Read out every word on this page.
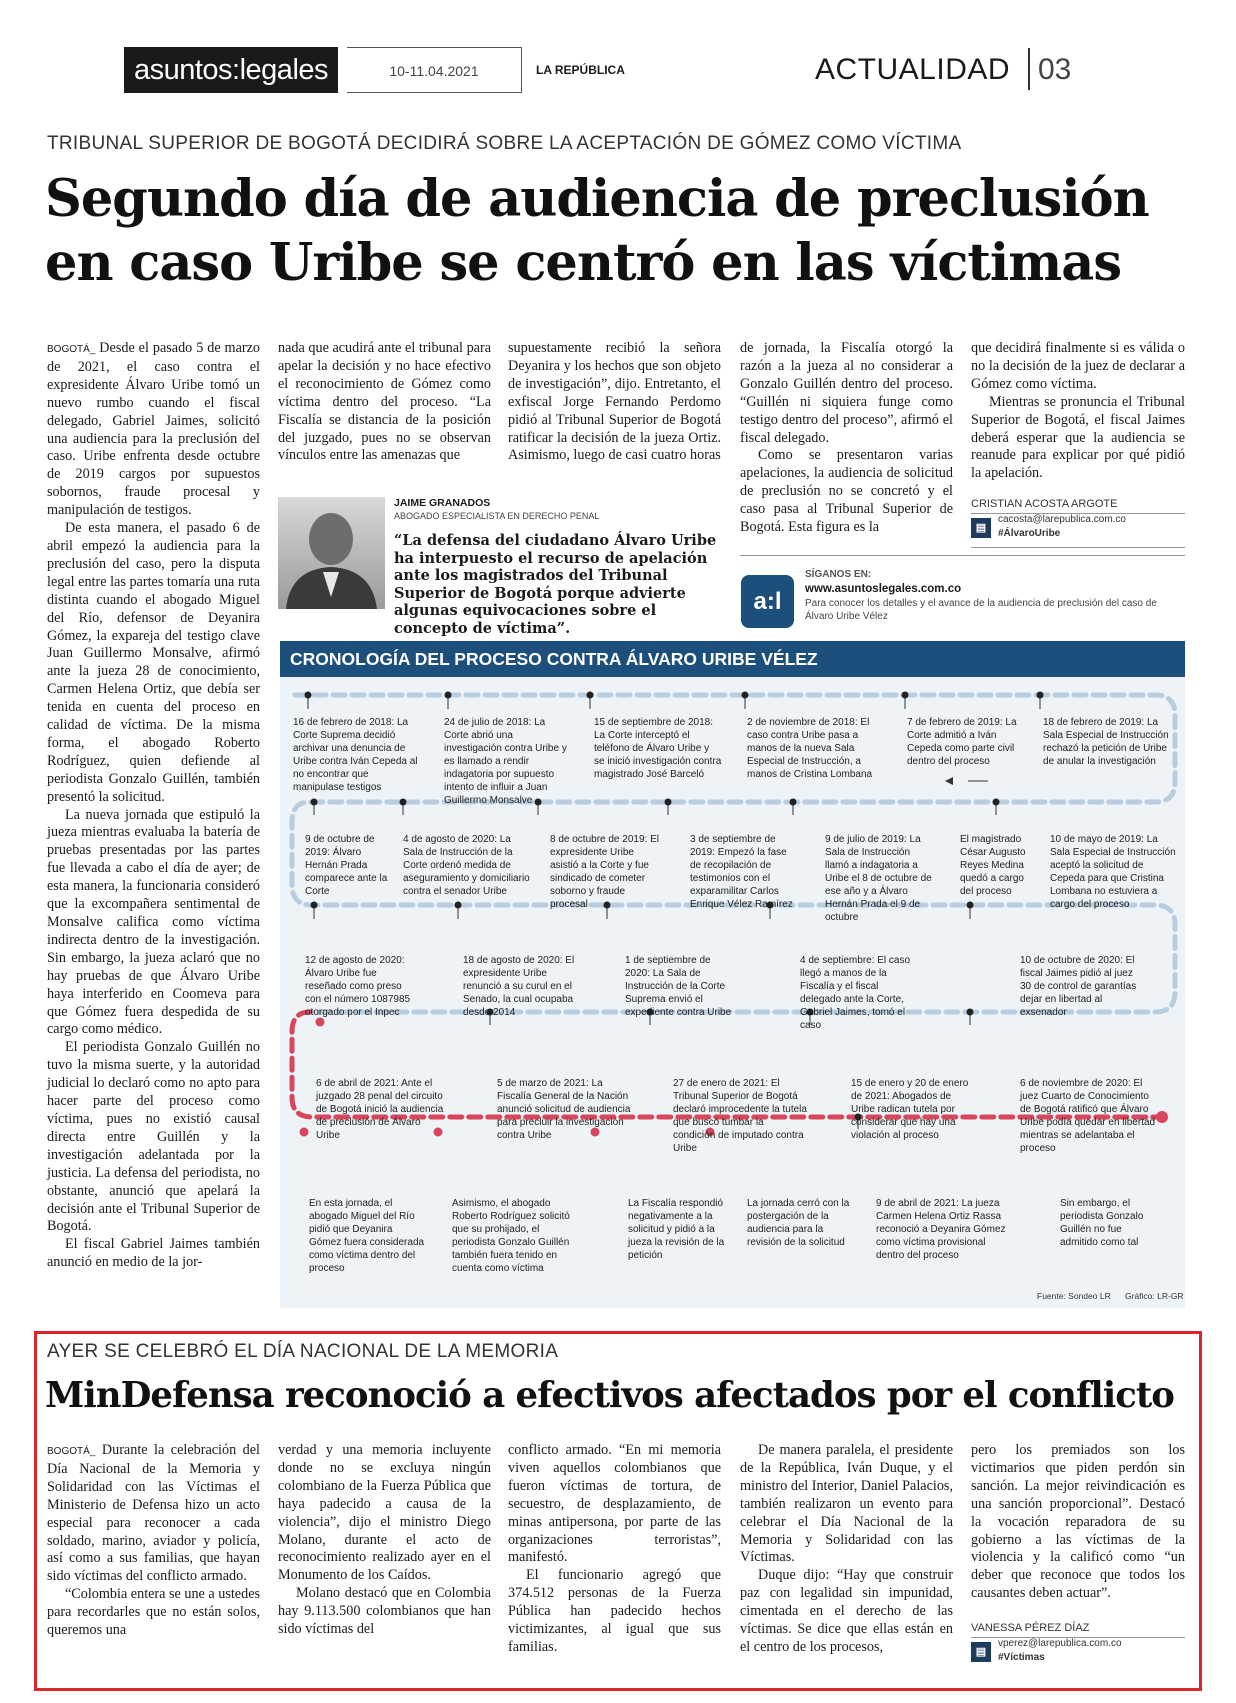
asuntos:legales	10-11.04.2021	LA REPÚBLICA	ACTUALIDAD 03
TRIBUNAL SUPERIOR DE BOGOTÁ DECIDIRÁ SOBRE LA ACEPTACIÓN DE GÓMEZ COMO VÍCTIMA
Segundo día de audiencia de preclusión
en caso Uribe se centró en las víctimas

BOGOTÁ_ Desde el pasado 5 de marzo de 2021, el caso contra el expresidente Álvaro Uribe tomó un nuevo rumbo cuando el fiscal delegado, Gabriel Jaimes, solicitó una audiencia para la preclusión del caso. Uribe enfrenta desde octubre de 2019 cargos por supuestos sobornos, fraude procesal y manipulación de testigos.

De esta manera, el pasado 6 de abril empezó la audiencia para la preclusión del caso, pero la disputa legal entre las partes tomaría una ruta distinta cuando el abogado Miguel del Río, defensor de Deyanira Gómez, la expareja del testigo clave Juan Guillermo Monsalve, afirmó ante la jueza 28 de conocimiento, Carmen Helena Ortiz, que debía ser tenida en cuenta del proceso en calidad de víctima. De la misma forma, el abogado Roberto Rodríguez, quien defiende al periodista Gonzalo Guillén, también presentó la solicitud.

La nueva jornada que estipuló la jueza mientras evaluaba la batería de pruebas presentadas por las partes fue llevada a cabo el día de ayer; de esta manera, la funcionaria consideró que la excompañera sentimental de Monsalve califica como víctima indirecta dentro de la investigación. Sin embargo, la jueza aclaró que no hay pruebas de que Álvaro Uribe haya interferido en Coomeva para que Gómez fuera despedida de su cargo como médico.

El periodista Gonzalo Guillén no tuvo la misma suerte, y la autoridad judicial lo declaró como no apto para hacer parte del proceso como víctima, pues no existió causal directa entre Guillén y la investigación adelantada por la justicia. La defensa del periodista, no obstante, anunció que apelará la decisión ante el Tribunal Superior de Bogotá.

El fiscal Gabriel Jaimes también anunció en medio de la jor-

nada que acudirá ante el tribunal para apelar la decisión y no hace efectivo el reconocimiento de Gómez como víctima dentro del proceso. “La Fiscalía se distancia de la posición del juzgado, pues no se observan vínculos entre las amenazas que

supuestamente recibió la señora Deyanira y los hechos que son objeto de investigación”, dijo. Entretanto, el exfiscal Jorge Fernando Perdomo pidió al Tribunal Superior de Bogotá ratificar la decisión de la jueza Ortiz. Asimismo, luego de casi cuatro horas

de jornada, la Fiscalía otorgó la razón a la jueza al no considerar a Gonzalo Guillén dentro del proceso. “Guillén ni siquiera funge como testigo dentro del proceso”, afirmó el fiscal delegado.

Como se presentaron varias apelaciones, la audiencia de solicitud de preclusión no se concretó y el caso pasa al Tribunal Superior de Bogotá. Esta figura es la

que decidirá finalmente si es válida o no la decisión de la juez de declarar a Gómez como víctima.

Mientras se pronuncia el Tribunal Superior de Bogotá, el fiscal Jaimes deberá esperar que la audiencia se reanude para explicar por qué pidió la apelación.

CRISTIAN ACOSTA ARGOTE
▤
cacosta@larepublica.com.co
#ÁlvaroUribe
JAIME GRANADOS
ABOGADO ESPECIALISTA EN DERECHO PENAL
“La defensa del ciudadano Álvaro Uribe ha interpuesto el recurso de apelación ante los magistrados del Tribunal Superior de Bogotá porque advierte algunas equivocaciones sobre el concepto de víctima”.
a:l
SÍGANOS EN:
www.asuntoslegales.com.co
Para conocer los detalles y el avance de la audiencia de preclusión del caso de Álvaro Uribe Vélez
CRONOLOGÍA DEL PROCESO CONTRA ÁLVARO URIBE VÉLEZ
16 de febrero de 2018: La Corte Suprema decidió archivar una denuncia de Uribe contra Iván Cepeda al no encontrar que manipulase testigos
24 de julio de 2018: La Corte abrió una investigación contra Uribe y es llamado a rendir indagatoria por supuesto intento de influir a Juan Guillermo Monsalve
15 de septiembre de 2018: La Corte interceptó el teléfono de Álvaro Uribe y se inició investigación contra magistrado José Barceló
2 de noviembre de 2018: El caso contra Uribe pasa a manos de la nueva Sala Especial de Instrucción, a manos de Cristina Lombana
7 de febrero de 2019: La Corte admitió a Iván Cepeda como parte civil dentro del proceso
18 de febrero de 2019: La Sala Especial de Instrucción rechazó la petición de Uribe de anular la investigación
9 de octubre de 2019: Álvaro Hernán Prada comparece ante la Corte
4 de agosto de 2020: La Sala de Instrucción de la Corte ordenó medida de aseguramiento y domiciliario contra el senador Uribe
8 de octubre de 2019: El expresidente Uribe asistió a la Corte y fue sindicado de cometer soborno y fraude procesal
3 de septiembre de 2019: Empezó la fase de recopilación de testimonios con el exparamilitar Carlos Enrique Vélez Ramírez
9 de julio de 2019: La Sala de Instrucción llamó a indagatoria a Uribe el 8 de octubre de ese año y a Álvaro Hernán Prada el 9 de octubre
El magistrado César Augusto Reyes Medina quedó a cargo del proceso
10 de mayo de 2019: La Sala Especial de Instrucción aceptó la solicitud de Cepeda para que Cristina Lombana no estuviera a cargo del proceso
12 de agosto de 2020: Álvaro Uribe fue reseñado como preso con el número 1087985 otorgado por el Inpec
18 de agosto de 2020: El expresidente Uribe renunció a su curul en el Senado, la cual ocupaba desde 2014
1 de septiembre de 2020: La Sala de Instrucción de la Corte Suprema envió el expediente contra Uribe
4 de septiembre: El caso llegó a manos de la Fiscalía y el fiscal delegado ante la Corte, Gabriel Jaimes, tomó el caso
10 de octubre de 2020: El fiscal Jaimes pidió al juez 30 de control de garantías dejar en libertad al exsenador
6 de abril de 2021: Ante el juzgado 28 penal del circuito de Bogotá inició la audiencia de preclusión de Álvaro Uribe
5 de marzo de 2021: La Fiscalía General de la Nación anunció solicitud de audiencia para precluir la investigación contra Uribe
27 de enero de 2021: El Tribunal Superior de Bogotá declaró improcedente la tutela que buscó tumbar la condición de imputado contra Uribe
15 de enero y 20 de enero de 2021: Abogados de Uribe radican tutela por considerar que hay una violación al proceso
6 de noviembre de 2020: El juez Cuarto de Conocimiento de Bogotá ratificó que Álvaro Uribe podía quedar en libertad mientras se adelantaba el proceso
En esta jornada, el abogado Miguel del Río pidió que Deyanira Gómez fuera considerada como víctima dentro del proceso
Asimismo, el abogado Roberto Rodríguez solicitó que su prohijado, el periodista Gonzalo Guillén también fuera tenido en cuenta como víctima
La Fiscalía respondió negativamente a la solicitud y pidió a la jueza la revisión de la petición
La jornada cerró con la postergación de la audiencia para la revisión de la solicitud
9 de abril de 2021: La jueza Carmen Helena Ortiz Rassa reconoció a Deyanira Gómez como víctima provisional dentro del proceso
Sin embargo, el periodista Gonzalo Guillén no fue admitido como tal
Fuente: Sondeo LR Gráfico: LR-GR
AYER SE CELEBRÓ EL DÍA NACIONAL DE LA MEMORIA
MinDefensa reconoció a efectivos afectados por el conflicto

BOGOTÁ_ Durante la celebración del Día Nacional de la Memoria y Solidaridad con las Víctimas el Ministerio de Defensa hizo un acto especial para reconocer a cada soldado, marino, aviador y policía, así como a sus familias, que hayan sido víctimas del conflicto armado.

“Colombia entera se une a ustedes para recordarles que no están solos, queremos una

verdad y una memoria incluyente donde no se excluya ningún colombiano de la Fuerza Pública que haya padecido a causa de la violencia”, dijo el ministro Diego Molano, durante el acto de reconocimiento realizado ayer en el Monumento de los Caídos.

Molano destacó que en Colombia hay 9.113.500 colombianos que han sido víctimas del

conflicto armado. “En mi memoria viven aquellos colombianos que fueron víctimas de tortura, de secuestro, de desplazamiento, de minas antipersona, por parte de las organizaciones terroristas”, manifestó.

El funcionario agregó que 374.512 personas de la Fuerza Pública han padecido hechos victimizantes, al igual que sus familias.

De manera paralela, el presidente de la República, Iván Duque, y el ministro del Interior, Daniel Palacios, también realizaron un evento para celebrar el Día Nacional de la Memoria y Solidaridad con las Víctimas.

Duque dijo: “Hay que construir paz con legalidad sin impunidad, cimentada en el derecho de las víctimas. Se dice que ellas están en el centro de los procesos,

pero los premiados son los victimarios que piden perdón sin sanción. La mejor reivindicación es una sanción proporcional”. Destacó la vocación reparadora de su gobierno a las víctimas de la violencia y la calificó como “un deber que reconoce que todos los causantes deben actuar”.

VANESSA PÉREZ DÍAZ
▤
vperez@larepublica.com.co
#Víctimas
